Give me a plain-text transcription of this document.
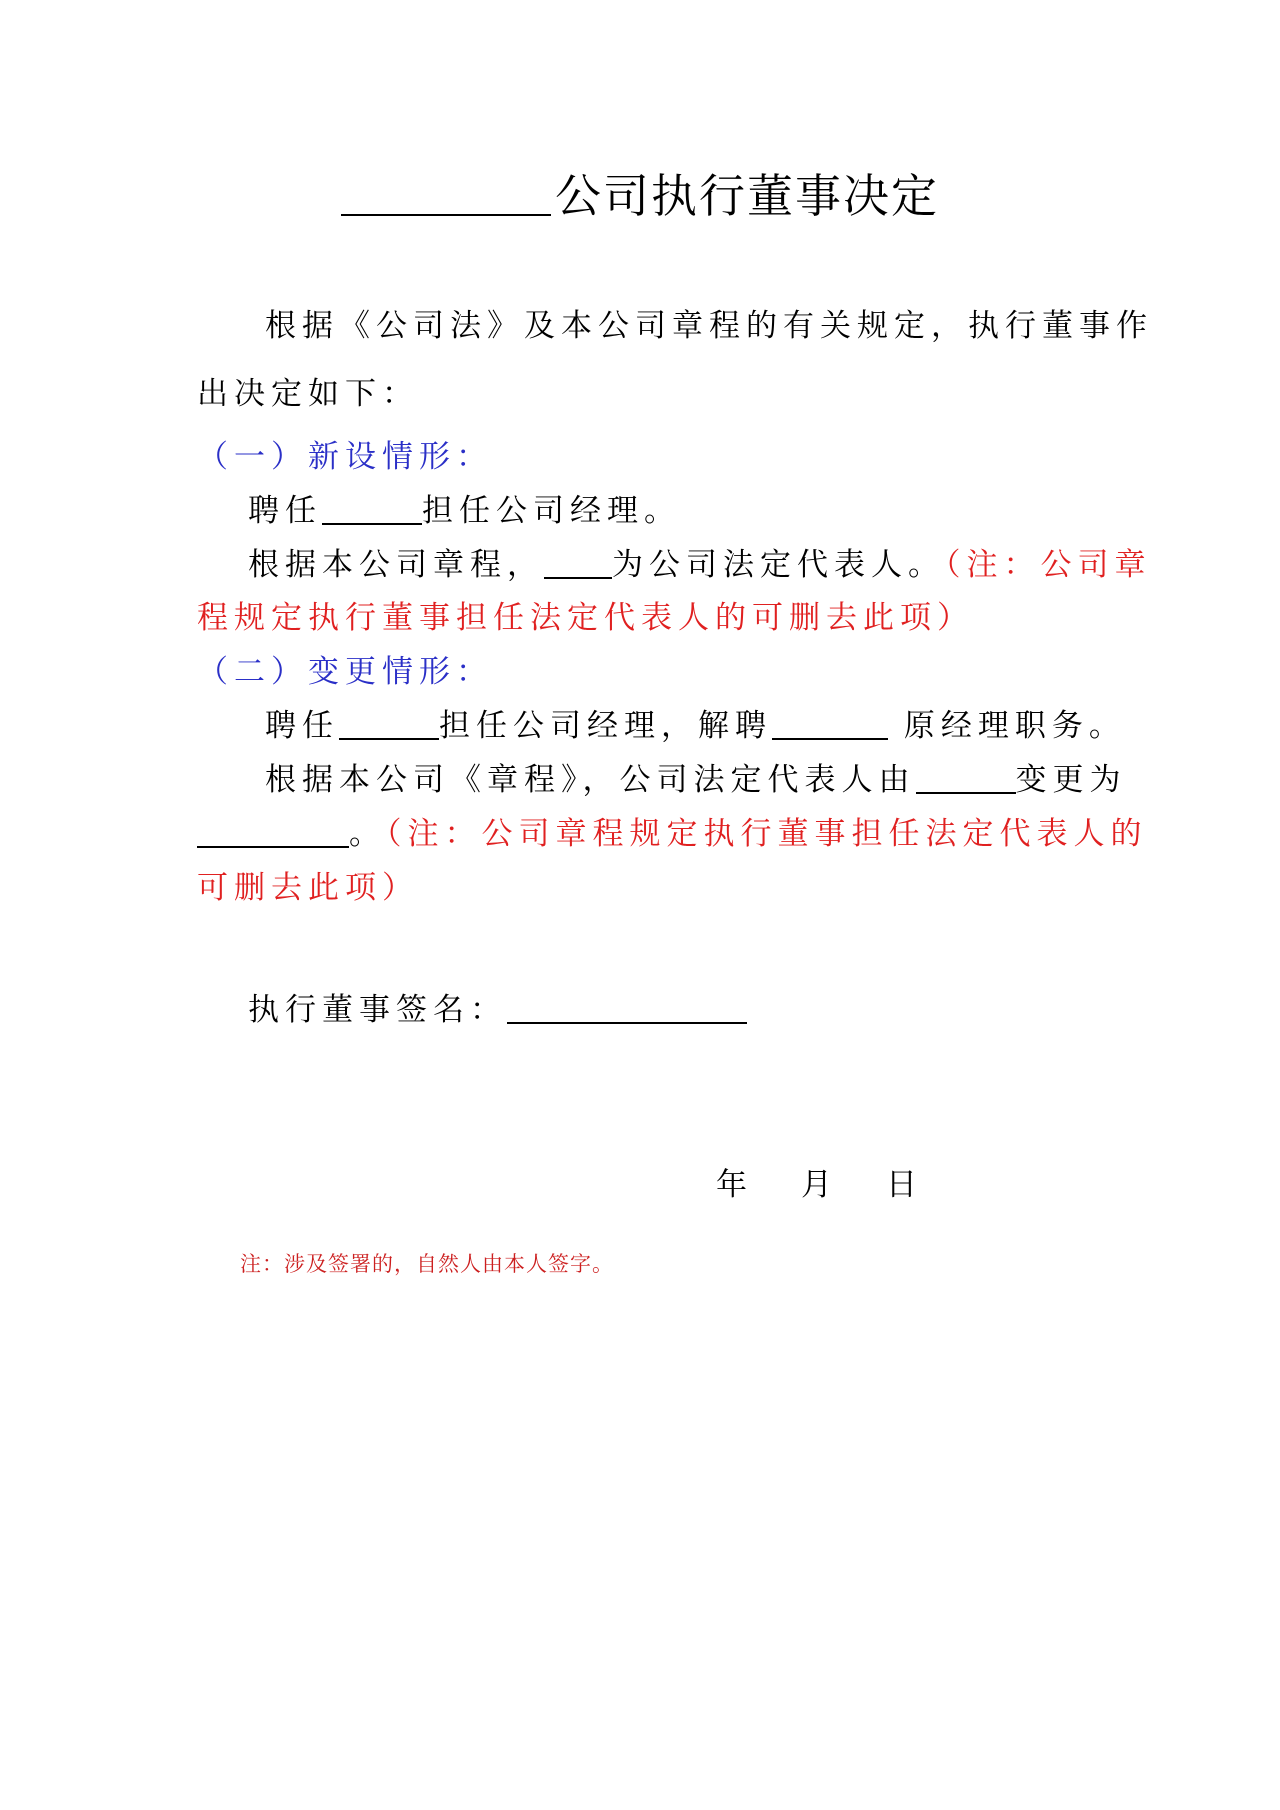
公司执行董事决定
根据《公司法》及本公司章程的有关规定，执行董事作
出决定如下：
（一）新设情形：
聘任	担任公司经理。
根据本公司章程， 为公司法定代表人。（注：公司章
程规定执行董事担任法定代表人的可删去此项）
（二）变更情形：
聘任	担任公司经理，解聘	原经理职务。
根据本公司《章程》，公司法定代表人由	变更为
。（注：公司章程规定执行董事担任法定代表人的
可删去此项）
执行董事签名：
年 月 日
注：涉及签署的，自然人由本人签字。
